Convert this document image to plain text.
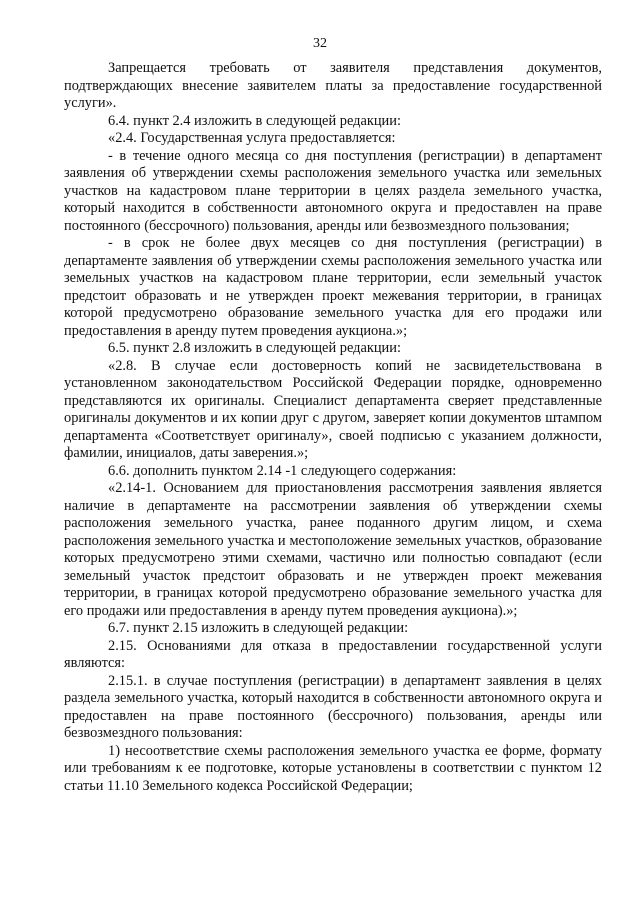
32

Запрещается требовать от заявителя представления документов, подтверждающих внесение заявителем платы за предоставление государственной услуги».

6.4. пункт 2.4 изложить в следующей редакции:

«2.4. Государственная услуга предоставляется:

- в течение одного месяца со дня поступления (регистрации) в департамент заявления об утверждении схемы расположения земельного участка или земельных участков на кадастровом плане территории в целях раздела земельного участка, который находится в собственности автономного округа и предоставлен на праве постоянного (бессрочного) пользования, аренды или безвозмездного пользования;

- в срок не более двух месяцев со дня поступления (регистрации) в департаменте заявления об утверждении схемы расположения земельного участка или земельных участков на кадастровом плане территории, если земельный участок предстоит образовать и не утвержден проект межевания территории, в границах которой предусмотрено образование земельного участка для его продажи или предоставления в аренду путем проведения аукциона.»;

6.5. пункт 2.8 изложить в следующей редакции:

«2.8. В случае если достоверность копий не засвидетельствована в установленном законодательством Российской Федерации порядке, одновременно представляются их оригиналы. Специалист департамента сверяет представленные оригиналы документов и их копии друг с другом, заверяет копии документов штампом департамента «Соответствует оригиналу», своей подписью с указанием должности, фамилии, инициалов, даты заверения.»;

6.6. дополнить пунктом 2.14 -1 следующего содержания:

«2.14-1. Основанием для приостановления рассмотрения заявления является наличие в департаменте на рассмотрении заявления об утверждении схемы расположения земельного участка, ранее поданного другим лицом, и схема расположения земельного участка и местоположение земельных участков, образование которых предусмотрено этими схемами, частично или полностью совпадают (если земельный участок предстоит образовать и не утвержден проект межевания территории, в границах которой предусмотрено образование земельного участка для его продажи или предоставления в аренду путем проведения аукциона).»;

6.7. пункт 2.15 изложить в следующей редакции:

2.15. Основаниями для отказа в предоставлении государственной услуги являются:

2.15.1. в случае поступления (регистрации) в департамент заявления в целях раздела земельного участка, который находится в собственности автономного округа и предоставлен на праве постоянного (бессрочного) пользования, аренды или безвозмездного пользования:

1) несоответствие схемы расположения земельного участка ее форме, формату или требованиям к ее подготовке, которые установлены в соответствии с пунктом 12 статьи 11.10 Земельного кодекса Российской Федерации;
